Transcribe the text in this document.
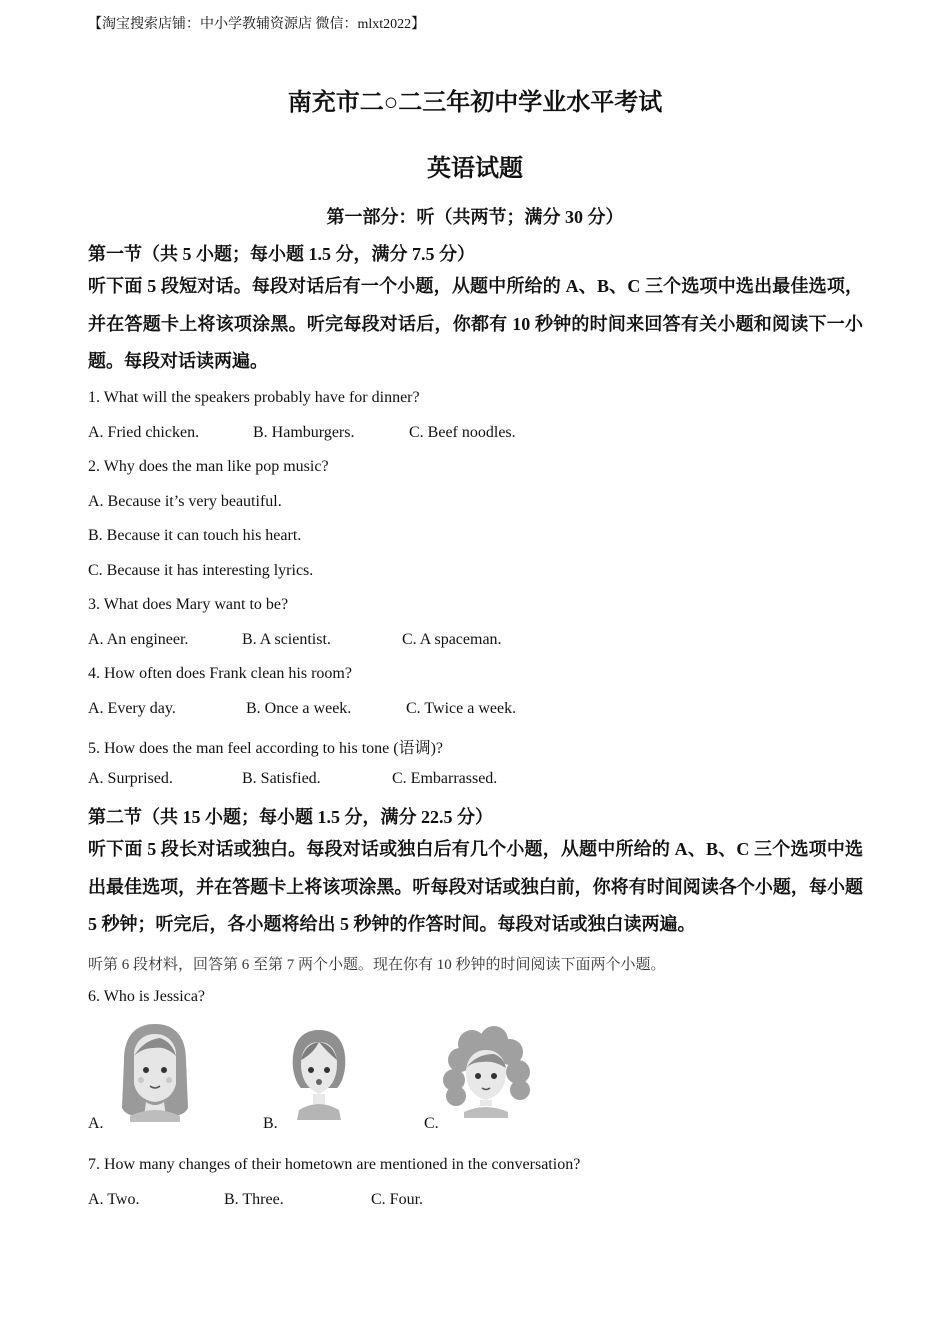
【淘宝搜索店铺：中小学教辅资源店 微信：mlxt2022】
南充市二○二三年初中学业水平考试
英语试题
第一部分：听（共两节；满分 30 分）
第一节（共 5 小题；每小题 1.5 分，满分 7.5 分）
听下面 5 段短对话。每段对话后有一个小题，从题中所给的 A、B、C 三个选项中选出最佳选项，并在答题卡上将该项涂黑。听完每段对话后，你都有 10 秒钟的时间来回答有关小题和阅读下一小题。每段对话读两遍。
1. What will the speakers probably have for dinner?
A. Fried chicken.	B. Hamburgers.	C. Beef noodles.
2. Why does the man like pop music?
A. Because it’s very beautiful.
B. Because it can touch his heart.
C. Because it has interesting lyrics.
3. What does Mary want to be?
A. An engineer.	B. A scientist.	C. A spaceman.
4. How often does Frank clean his room?
A. Every day.	B. Once a week.	C. Twice a week.
5. How does the man feel according to his tone (语调)?
A. Surprised.	B. Satisfied.	C. Embarrassed.
第二节（共 15 小题；每小题 1.5 分，满分 22.5 分）
听下面 5 段长对话或独白。每段对话或独白后有几个小题，从题中所给的 A、B、C 三个选项中选出最佳选项，并在答题卡上将该项涂黑。听每段对话或独白前，你将有时间阅读各个小题，每小题 5 秒钟；听完后，各小题将给出 5 秒钟的作答时间。每段对话或独白读两遍。
听第 6 段材料，回答第 6 至第 7 两个小题。现在你有 10 秒钟的时间阅读下面两个小题。
6. Who is Jessica?
A.	B.	C.
7. How many changes of their hometown are mentioned in the conversation?
A. Two.	B. Three.	C. Four.
